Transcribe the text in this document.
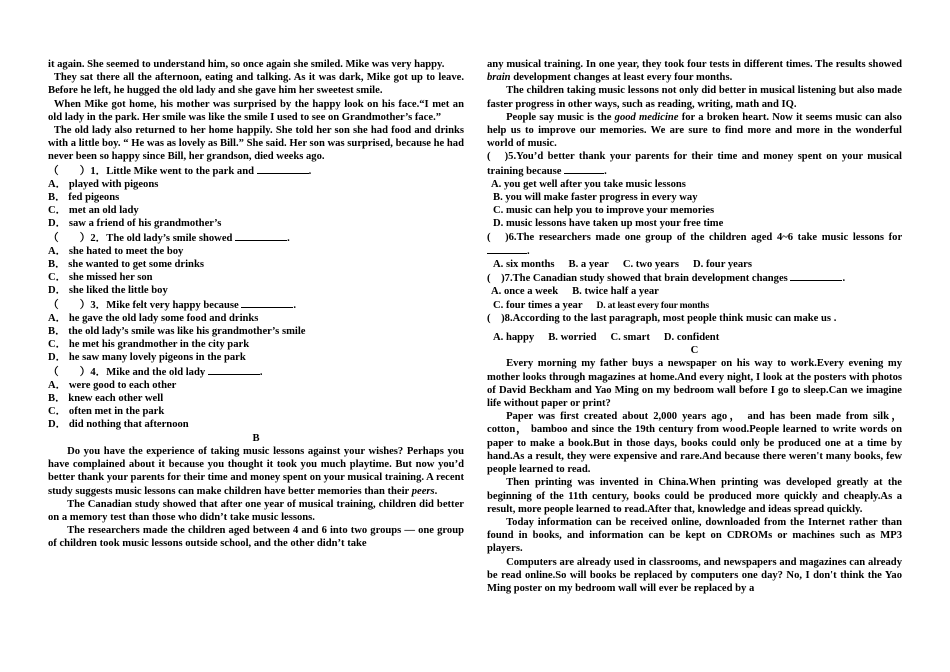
it again. She seemed to understand him, so once again she smiled. Mike was very happy.

They sat there all the afternoon, eating and talking. As it was dark, Mike got up to leave. Before he left, he hugged the old lady and she gave him her sweetest smile.

When Mike got home, his mother was surprised by the happy look on his face.“I met an old lady in the park. Her smile was like the smile I used to see on Grandmother’s face.”

The old lady also returned to her home happily. She told her son she had food and drinks with a little boy. “ He was as lovely as Bill.” She said. Her son was surprised, because he had never been so happy since Bill, her grandson, died weeks ago.

（　　）1．Little Mike went to the park and	.

A． played with pigeons

B． fed pigeons

C． met an old lady

D． saw a friend of his grandmother’s

（　　）2．The old lady’s smile showed	.

A． she hated to meet the boy

B． she wanted to get some drinks

C． she missed her son

D． she liked the little boy

（　　）3．Mike felt very happy because	.

A． he gave the old lady some food and drinks

B． the old lady’s smile was like his grandmother’s smile

C． he met his grandmother in the city park

D． he saw many lovely pigeons in the park

（　　）4．Mike and the old lady	.

A． were good to each other

B． knew each other well

C． often met in the park

D． did nothing that afternoon

B

Do you have the experience of taking music lessons against your wishes? Perhaps you have complained about it because you thought it took you much playtime. But now you’d better thank your parents for their time and money spent on your musical training. A recent study suggests music lessons can make children have better memories than their peers.

The Canadian study showed that after one year of musical training, children did better on a memory test than those who didn’t take music lessons.

The researchers made the children aged between 4 and 6 into two groups — one group of children took music lessons outside school, and the other didn’t take

any musical training. In one year, they took four tests in different times. The results showed brain development changes at least every four months.

The children taking music lessons not only did better in musical listening but also made faster progress in other ways, such as reading, writing, math and IQ.

People say music is the good medicine for a broken heart. Now it seems music can also help us to improve our memories. We are sure to find more and more in the wonderful world of music.

(　)5.You’d better thank your parents for their time and money spent on your musical training because	.

A. you get well after you take music lessons

B. you will make faster progress in every way

C. music can help you to improve your memories

D. music lessons have taken up most your free time

(　)6.The researchers made one group of the children aged 4~6 take music lessons for .

A. six months B. a year C. two years D. four years

(　)7.The Canadian study showed that brain development changes	.

A. once a week B. twice half a year

C. four times a year D. at least every four months

(　)8.According to the last paragraph, most people think music can make us .

A. happy B. worried C. smart D. confident

C

Every morning my father buys a newspaper on his way to work.Every evening my mother looks through magazines at home.And every night, I look at the posters with photos of David Beckham and Yao Ming on my bedroom wall before I go to sleep.Can we imagine life without paper or print?

Paper was first created about 2,000 years ago， and has been made from silk， cotton， bamboo and since the 19th century from wood.People learned to write words on paper to make a book.But in those days, books could only be produced one at a time by hand.As a result, they were expensive and rare.And because there weren't many books, few people learned to read.

Then printing was invented in China.When printing was developed greatly at the beginning of the 11th century, books could be produced more quickly and cheaply.As a result, more people learned to read.After that, knowledge and ideas spread quickly.

Today information can be received online, downloaded from the Internet rather than found in books, and information can be kept on CDROMs or machines such as MP3 players.

Computers are already used in classrooms, and newspapers and magazines can already be read online.So will books be replaced by computers one day? No, I don't think the Yao Ming poster on my bedroom wall will ever be replaced by a
